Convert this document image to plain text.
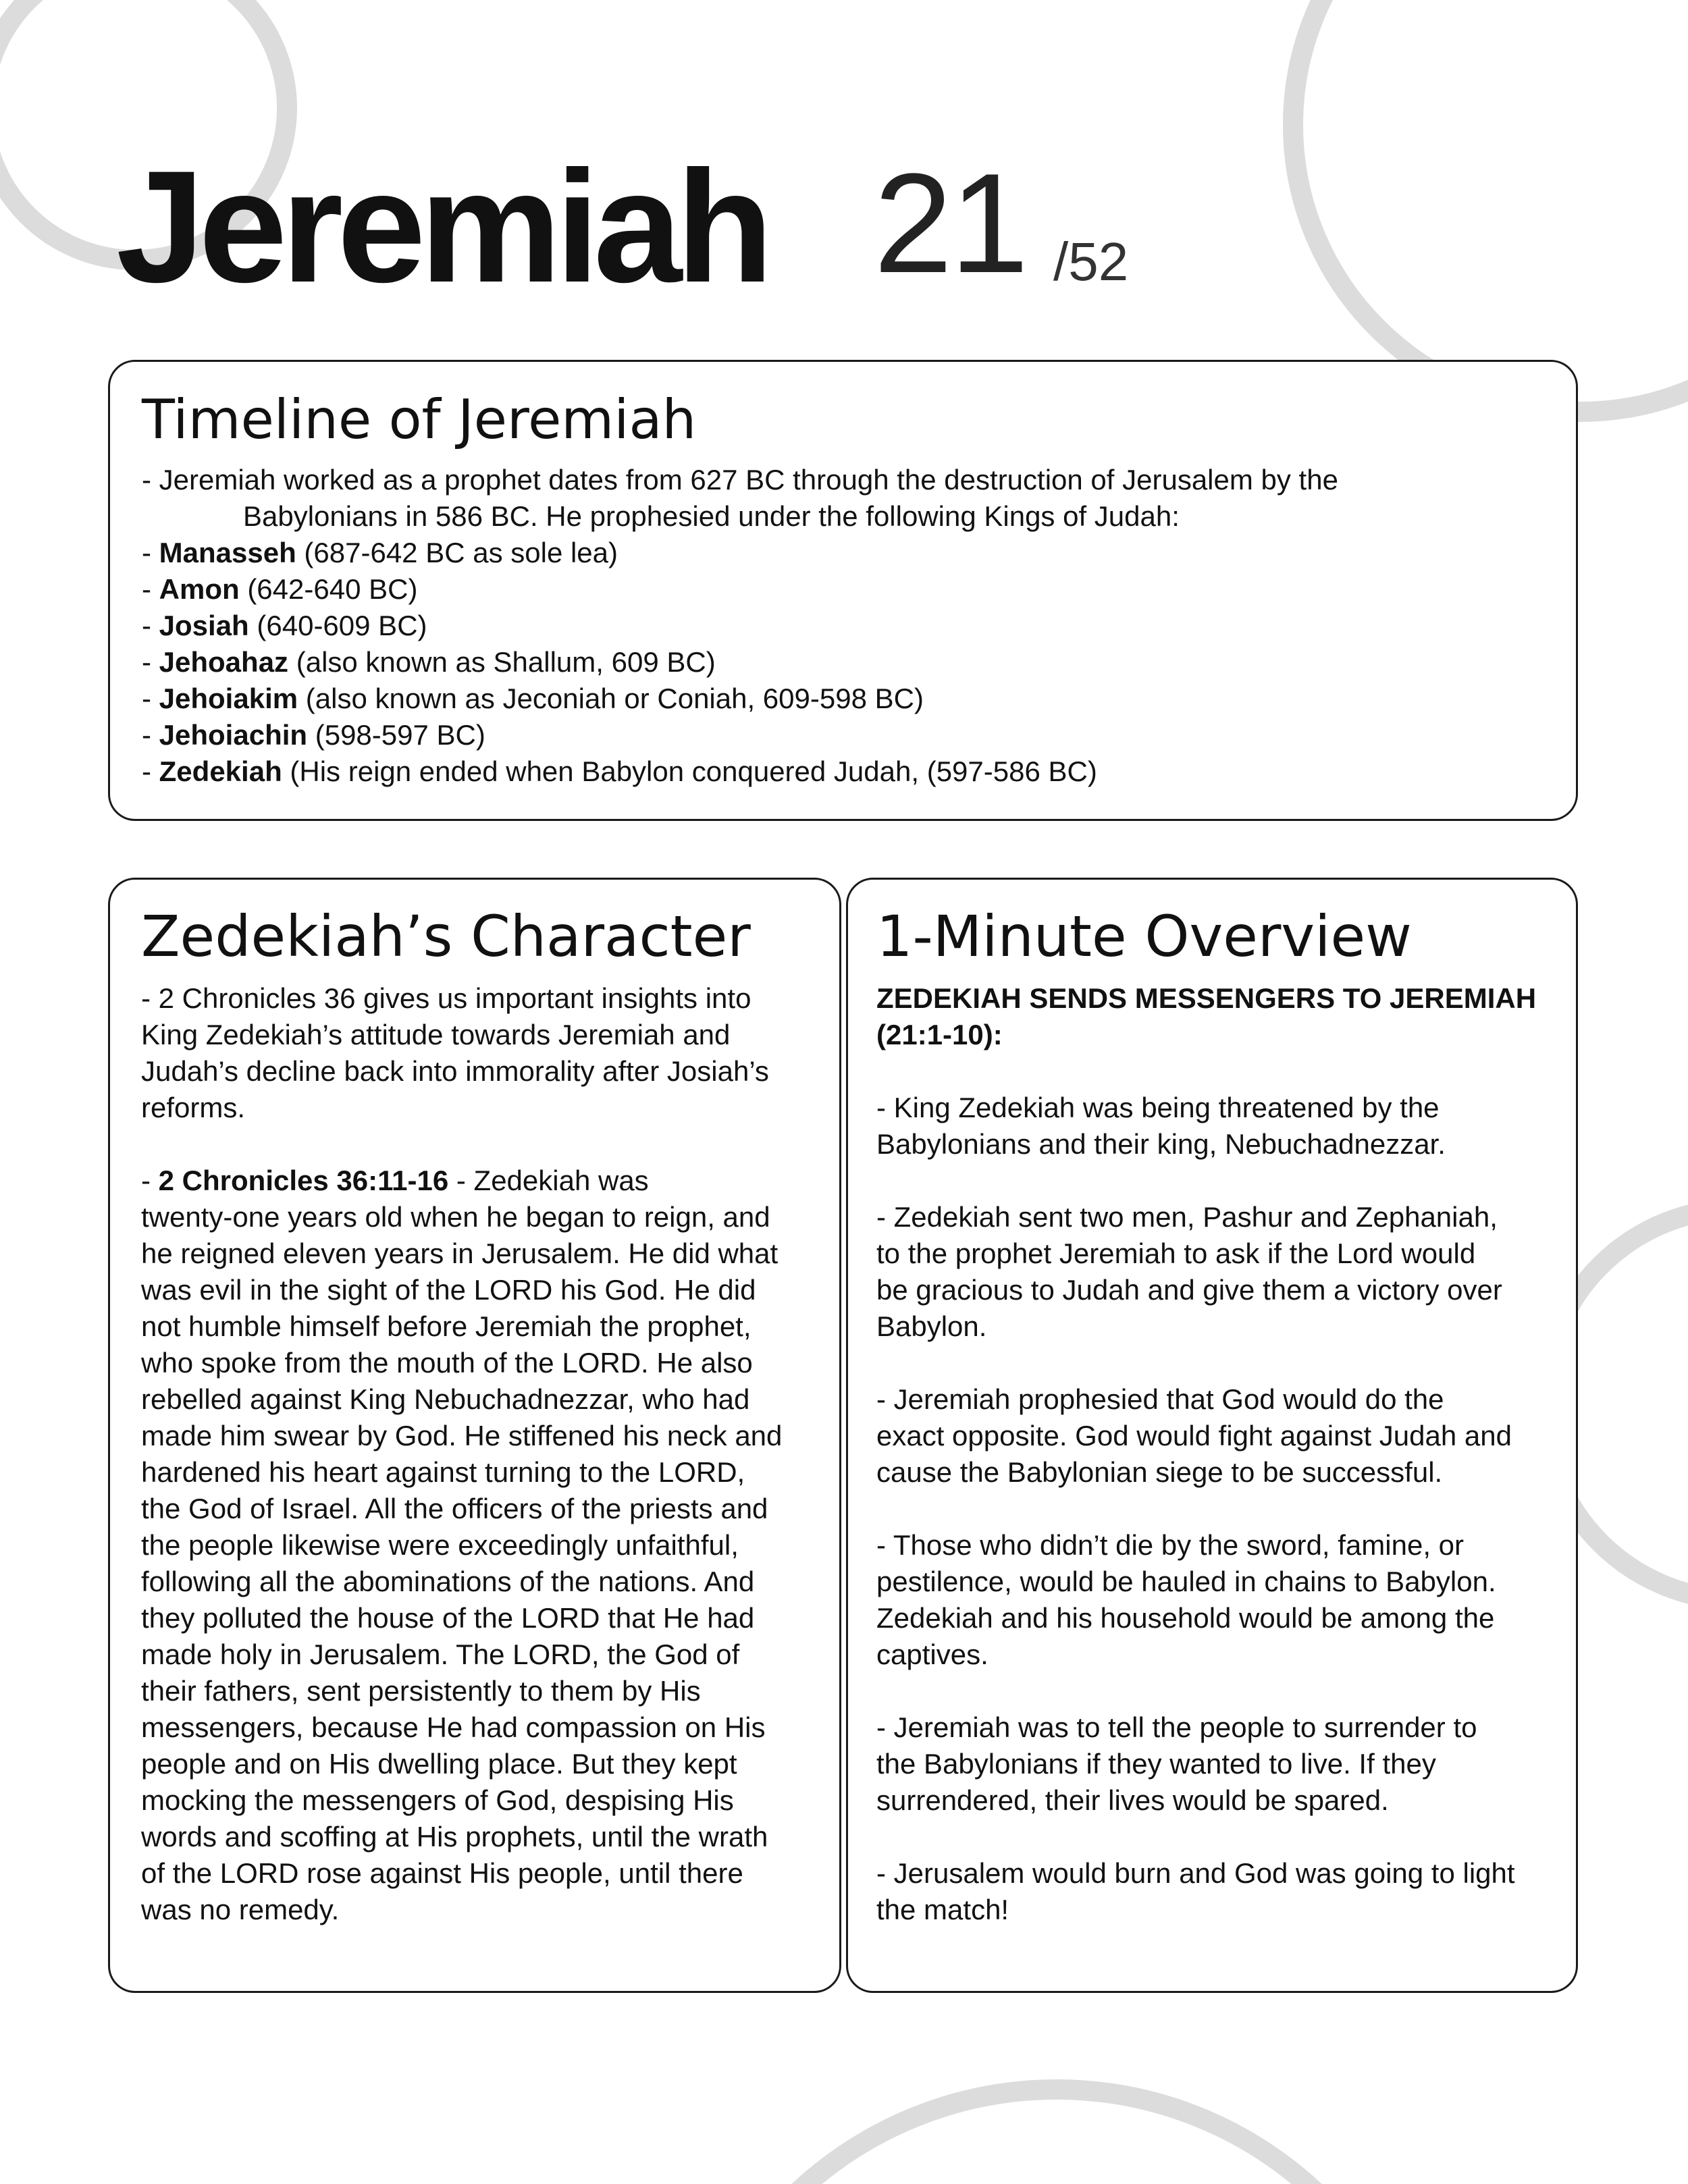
Jeremiah 21 /52
Timeline of Jeremiah
- Jeremiah worked as a prophet dates from 627 BC through the destruction of Jerusalem by the
Babylonians in 586 BC. He prophesied under the following Kings of Judah:
- Manasseh (687-642 BC as sole lea)
- Amon (642-640 BC)
- Josiah (640-609 BC)
- Jehoahaz (also known as Shallum, 609 BC)
- Jehoiakim (also known as Jeconiah or Coniah, 609-598 BC)
- Jehoiachin (598-597 BC)
- Zedekiah (His reign ended when Babylon conquered Judah, (597-586 BC)
Zedekiah’s Character

- 2 Chronicles 36 gives us important insights into
King Zedekiah’s attitude towards Jeremiah and
Judah’s decline back into immorality after Josiah’s
reforms.

- 2 Chronicles 36:11-16 - Zedekiah was
twenty-one years old when he began to reign, and
he reigned eleven years in Jerusalem. He did what
was evil in the sight of the LORD his God. He did
not humble himself before Jeremiah the prophet,
who spoke from the mouth of the LORD. He also
rebelled against King Nebuchadnezzar, who had
made him swear by God. He stiffened his neck and
hardened his heart against turning to the LORD,
the God of Israel. All the officers of the priests and
the people likewise were exceedingly unfaithful,
following all the abominations of the nations. And
they polluted the house of the LORD that He had
made holy in Jerusalem. The LORD, the God of
their fathers, sent persistently to them by His
messengers, because He had compassion on His
people and on His dwelling place. But they kept
mocking the messengers of God, despising His
words and scoffing at His prophets, until the wrath
of the LORD rose against His people, until there
was no remedy.

1-Minute Overview

ZEDEKIAH SENDS MESSENGERS TO JEREMIAH
(21:1-10):

- King Zedekiah was being threatened by the
Babylonians and their king, Nebuchadnezzar.

- Zedekiah sent two men, Pashur and Zephaniah,
to the prophet Jeremiah to ask if the Lord would
be gracious to Judah and give them a victory over
Babylon.

- Jeremiah prophesied that God would do the
exact opposite. God would fight against Judah and
cause the Babylonian siege to be successful.

- Those who didn’t die by the sword, famine, or
pestilence, would be hauled in chains to Babylon.
Zedekiah and his household would be among the
captives.

- Jeremiah was to tell the people to surrender to
the Babylonians if they wanted to live. If they
surrendered, their lives would be spared.

- Jerusalem would burn and God was going to light
the match!
